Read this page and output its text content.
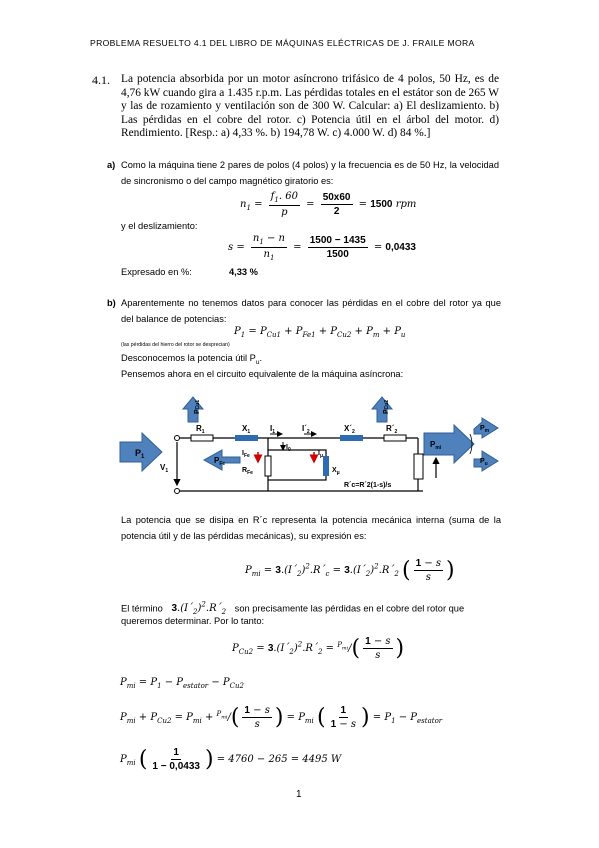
PROBLEMA RESUELTO 4.1 DEL LIBRO DE MÁQUINAS ELÉCTRICAS DE J. FRAILE MORA
4.1. La potencia absorbida por un motor asíncrono trifásico de 4 polos, 50 Hz, es de 4,76 kW cuando gira a 1.435 r.p.m. Las pérdidas totales en el estátor son de 265 W y las de rozamiento y ventilación son de 300 W. Calcular: a) El deslizamiento. b) Las pérdidas en el cobre del rotor. c) Potencia útil en el árbol del motor. d) Rendimiento. [Resp.: a) 4,33 %. b) 194,78 W. c) 4.000 W. d) 84 %.]
a) Como la máquina tiene 2 pares de polos (4 polos) y la frecuencia es de 50 Hz, la velocidad de sincronismo o del campo magnético giratorio es:
$n_1 = \frac{f_1. 60}{p} = \frac{50x60}{2} = 1500$ rpm
y el deslizamiento:
$s = \frac{n_1 - n}{n_1} = \frac{1500 - 1435}{1500} = 0,0433$
Expresado en %:	4,33 %
b) Aparentemente no tenemos datos para conocer las pérdidas en el cobre del rotor ya que del balance de potencias:
$P_1 = P_{Cu1} + P_{Fe1} + P_{Cu2} + P_m + P_u$
(las pérdidas del hierro del rotor se desprecian)
Desconocemos la potencia útil $P_u$.
Pensemos ahora en el circuito equivalente de la máquina asíncrona:
$P_1$	$P_{Fe}$
PCu1
PCu2
$R_1$	$X_1$ $I_1$	$I´_2$	$X´_2$	$R´_2$
$I_0$
$I_{Fe}$
$R_{Fe}$
$I_\mu$
$X_\mu$
$V_1$
R´c=R´2(1-s)/s
$P_{mi}$
$P_m$
$P_u$
La potencia que se disipa en R´c representa la potencia mecánica interna (suma de la potencia útil y de las pérdidas mecánicas), su expresión es:
$P_{mi}$ = $3.(I´_2)^2.R´_c$ = $3.(I´_2)^2.R´_2$ ( $\frac{1 - s}{s}$ )
El término $3.(I´_2)^2.R´_2$ son precisamente las pérdidas en el cobre del rotor que
queremos determinar. Por lo tanto:
$P_{Cu2}$ = $3.(I´_2)^2.R´_2 = ^{P_{mi}}/( \frac{1 - s}{s}$ )
$P_{mi} = P_1 - P_{estator} - P_{Cu2}$
$P_{mi} + P_{Cu2} = P_{mi} + ^{P_{mi}}/( \frac{1 - s}{s}$ ) = $P_{mi}$ ( $\frac{1}{1 - s}$ ) = $P_1 - P_{estator}$
$P_{mi}$ ( $\frac{1}{1 - 0,0433}$ ) = 4760 − 265 = 4495 W
1
